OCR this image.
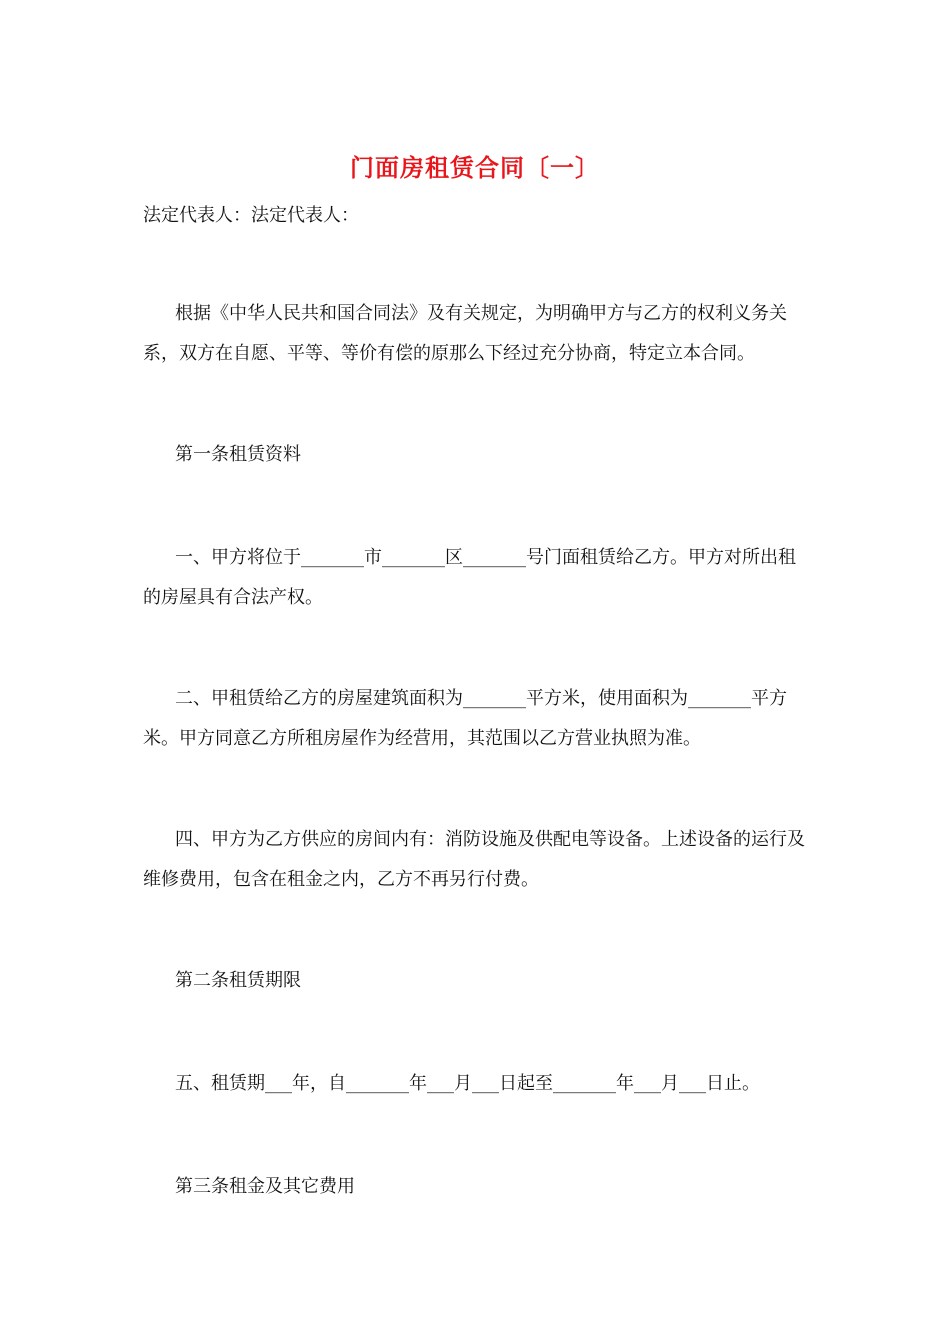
门面房租赁合同〔一〕

法定代表人：法定代表人：

根据《中华人民共和国合同法》及有关规定，为明确甲方与乙方的权利义务关系，双方在自愿、平等、等价有偿的原那么下经过充分协商，特定立本合同。

第一条租赁资料

一、甲方将位于_______市_______区_______号门面租赁给乙方。甲方对所出租的房屋具有合法产权。

二、甲租赁给乙方的房屋建筑面积为_______平方米，使用面积为_______平方米。甲方同意乙方所租房屋作为经营用，其范围以乙方营业执照为准。

四、甲方为乙方供应的房间内有：消防设施及供配电等设备。上述设备的运行及维修费用，包含在租金之内，乙方不再另行付费。

第二条租赁期限

五、租赁期___年，自_______年___月___日起至_______年___月___日止。

第三条租金及其它费用
